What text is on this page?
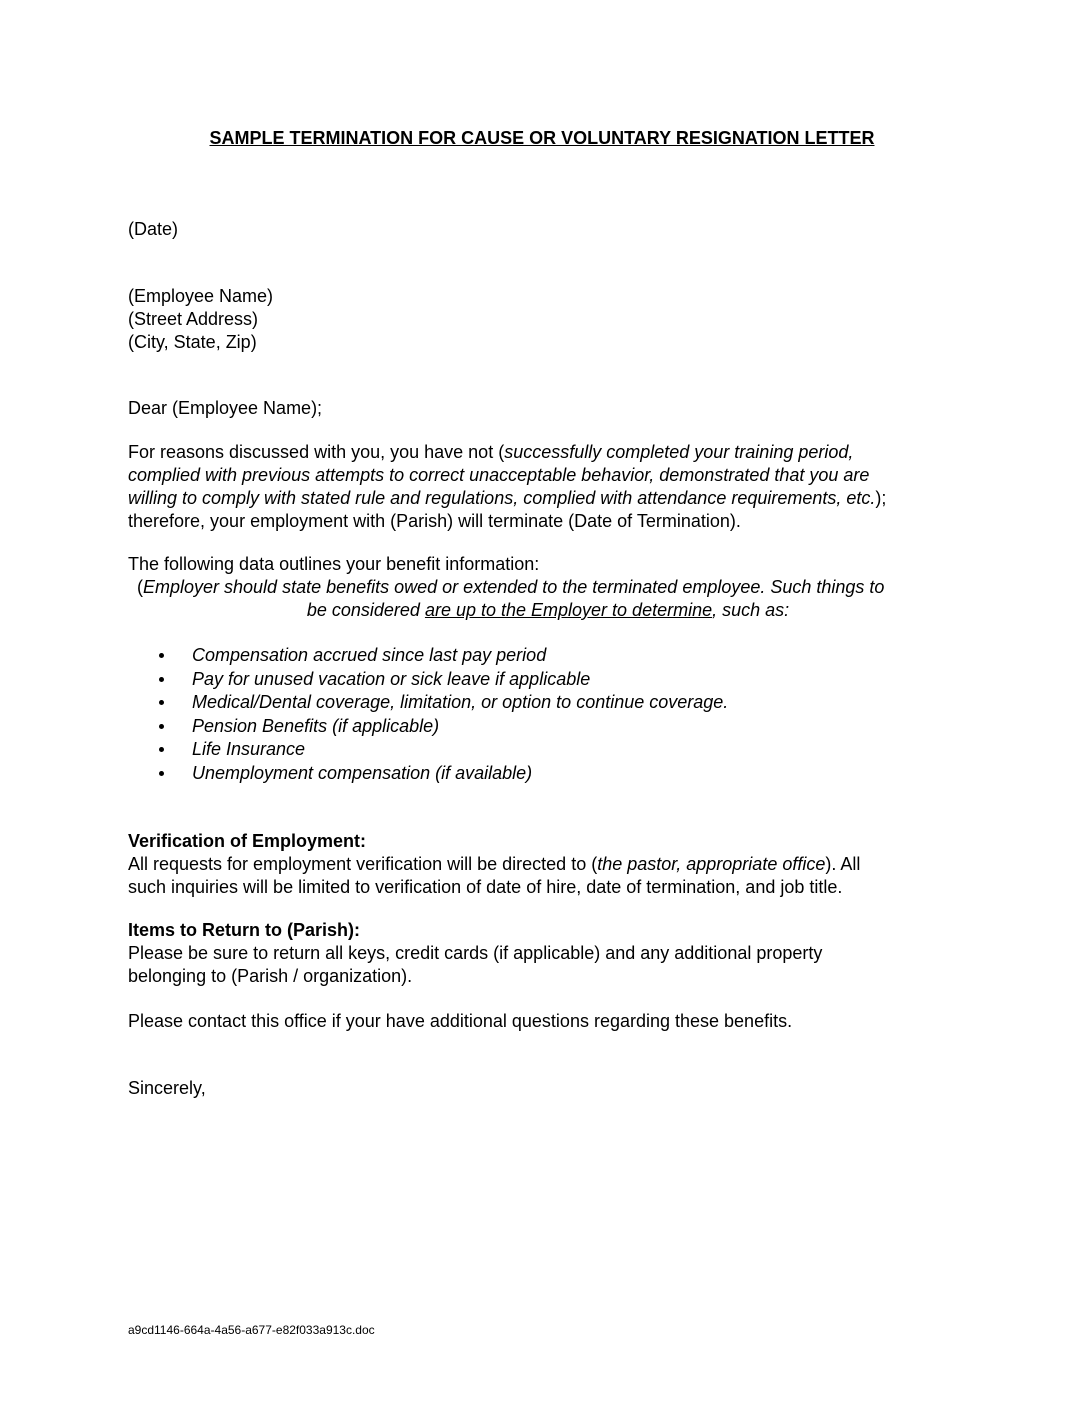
SAMPLE TERMINATION FOR CAUSE OR VOLUNTARY RESIGNATION LETTER
(Date)
(Employee Name)
(Street Address)
(City, State, Zip)
Dear (Employee Name);
For reasons discussed with you, you have not (successfully completed your training period,
complied with previous attempts to correct unacceptable behavior, demonstrated that you are
willing to comply with stated rule and regulations, complied with attendance requirements, etc.);
therefore, your employment with (Parish) will terminate (Date of Termination).
The following data outlines your benefit information:
(Employer should state benefits owed or extended to the terminated employee. Such things to
be considered are up to the Employer to determine, such as:
Compensation accrued since last pay period
Pay for unused vacation or sick leave if applicable
Medical/Dental coverage, limitation, or option to continue coverage.
Pension Benefits (if applicable)
Life Insurance
Unemployment compensation (if available)
Verification of Employment:
All requests for employment verification will be directed to (the pastor, appropriate office). All
such inquiries will be limited to verification of date of hire, date of termination, and job title.
Items to Return to (Parish):
Please be sure to return all keys, credit cards (if applicable) and any additional property
belonging to (Parish / organization).
Please contact this office if your have additional questions regarding these benefits.
Sincerely,
a9cd1146-664a-4a56-a677-e82f033a913c.doc
